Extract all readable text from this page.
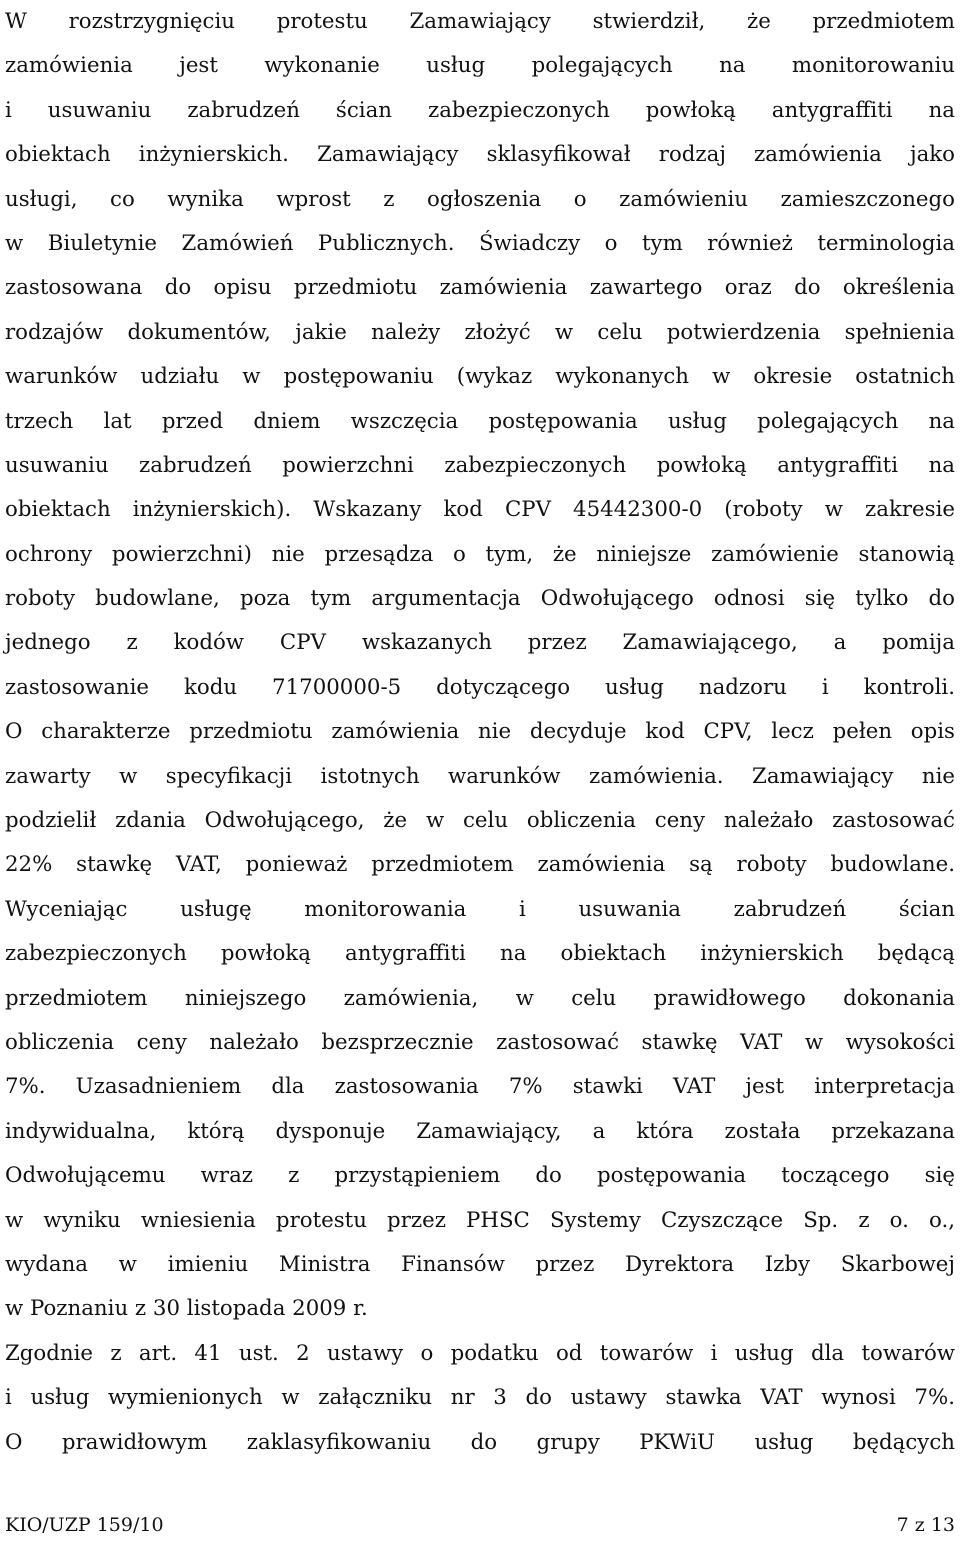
W rozstrzygnięciu protestu Zamawiający stwierdził, że przedmiotem
zamówienia jest wykonanie usług polegających na monitorowaniu
i usuwaniu zabrudzeń ścian zabezpieczonych powłoką antygraffiti na
obiektach inżynierskich. Zamawiający sklasyfikował rodzaj zamówienia jako
usługi, co wynika wprost z ogłoszenia o zamówieniu zamieszczonego
w Biuletynie Zamówień Publicznych. Świadczy o tym również terminologia
zastosowana do opisu przedmiotu zamówienia zawartego oraz do określenia
rodzajów dokumentów, jakie należy złożyć w celu potwierdzenia spełnienia
warunków udziału w postępowaniu (wykaz wykonanych w okresie ostatnich
trzech lat przed dniem wszczęcia postępowania usług polegających na
usuwaniu zabrudzeń powierzchni zabezpieczonych powłoką antygraffiti na
obiektach inżynierskich). Wskazany kod CPV 45442300-0 (roboty w zakresie
ochrony powierzchni) nie przesądza o tym, że niniejsze zamówienie stanowią
roboty budowlane, poza tym argumentacja Odwołującego odnosi się tylko do
jednego z kodów CPV wskazanych przez Zamawiającego, a pomija
zastosowanie kodu 71700000-5 dotyczącego usług nadzoru i kontroli.
O charakterze przedmiotu zamówienia nie decyduje kod CPV, lecz pełen opis
zawarty w specyfikacji istotnych warunków zamówienia. Zamawiający nie
podzielił zdania Odwołującego, że w celu obliczenia ceny należało zastosować
22% stawkę VAT, ponieważ przedmiotem zamówienia są roboty budowlane.
Wyceniając usługę monitorowania i usuwania zabrudzeń ścian
zabezpieczonych powłoką antygraffiti na obiektach inżynierskich będącą
przedmiotem niniejszego zamówienia, w celu prawidłowego dokonania
obliczenia ceny należało bezsprzecznie zastosować stawkę VAT w wysokości
7%. Uzasadnieniem dla zastosowania 7% stawki VAT jest interpretacja
indywidualna, którą dysponuje Zamawiający, a która została przekazana
Odwołującemu wraz z przystąpieniem do postępowania toczącego się
w wyniku wniesienia protestu przez PHSC Systemy Czyszczące Sp. z o. o.,
wydana w imieniu Ministra Finansów przez Dyrektora Izby Skarbowej
w Poznaniu z 30 listopada 2009 r.
Zgodnie z art. 41 ust. 2 ustawy o podatku od towarów i usług dla towarów
i usług wymienionych w załączniku nr 3 do ustawy stawka VAT wynosi 7%.
O prawidłowym zaklasyfikowaniu do grupy PKWiU usług będących
KIO/UZP 159/10	7 z 13
